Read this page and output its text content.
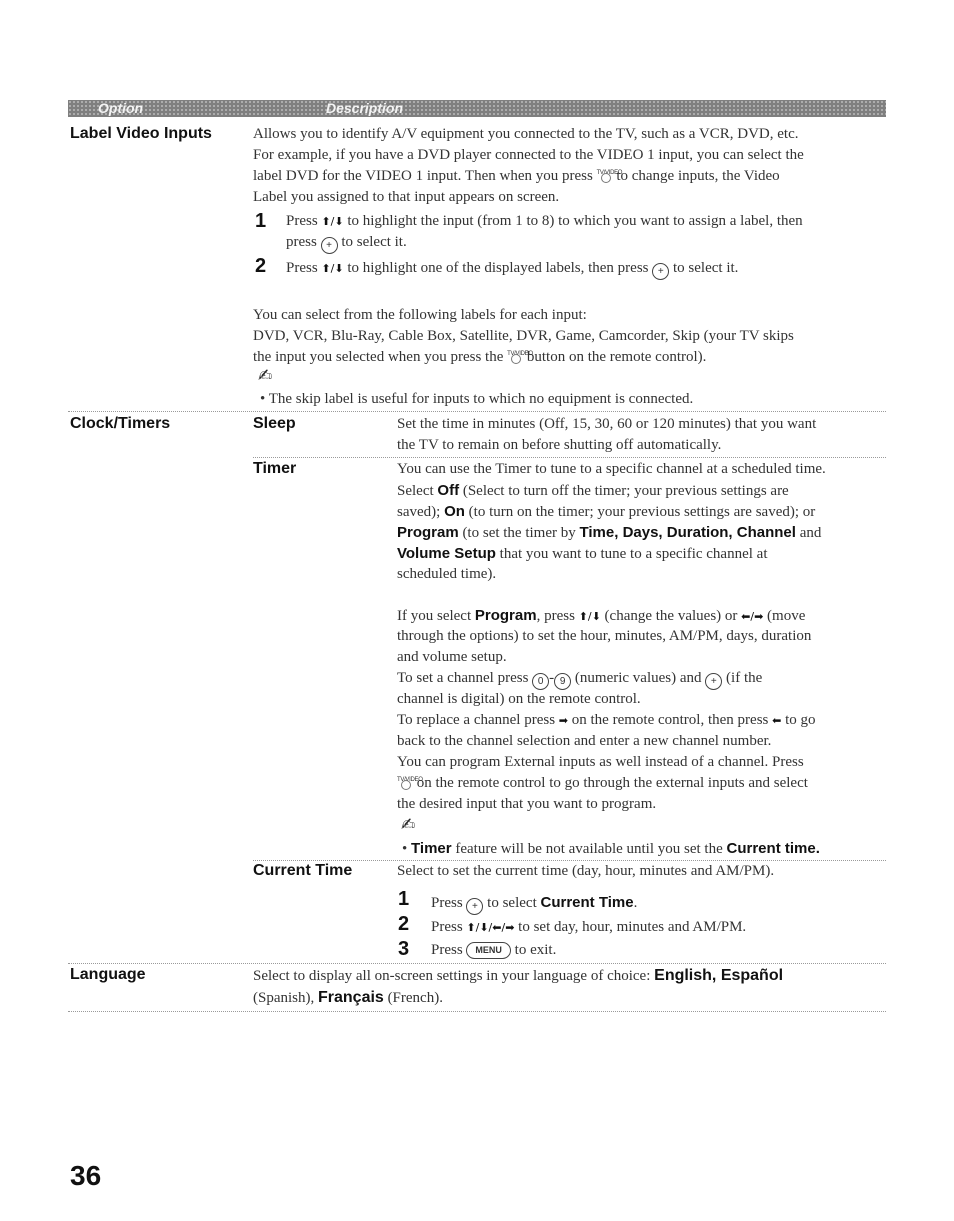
Option	Description
Label Video Inputs	Allows you to identify A/V equipment you connected to the TV, such as a VCR, DVD, etc.
For example, if you have a DVD player connected to the VIDEO 1 input, you can select the
label DVD for the VIDEO 1 input. Then when you press TV/VIDEO
to change inputs, the Video
Label you assigned to that input appears on screen.
1 Press ⬆/⬇ to highlight the input (from 1 to 8) to which you want to assign a label, then
press + to select it.
2 Press ⬆/⬇ to highlight one of the displayed labels, then press + to select it.
You can select from the following labels for each input:
DVD, VCR, Blu-Ray, Cable Box, Satellite, DVR, Game, Camcorder, Skip (your TV skips
the input you selected when you press the TV/VIDEO
button on the remote control).
✍
• The skip label is useful for inputs to which no equipment is connected.
Clock/Timers	Sleep	Set the time in minutes (Off, 15, 30, 60 or 120 minutes) that you want
the TV to remain on before shutting off automatically.
Timer	You can use the Timer to tune to a specific channel at a scheduled time.
Select Off (Select to turn off the timer; your previous settings are
saved); On (to turn on the timer; your previous settings are saved); or
Program (to set the timer by Time, Days, Duration, Channel and
Volume Setup that you want to tune to a specific channel at
scheduled time).
If you select Program, press ⬆/⬇ (change the values) or ⬅/➡ (move
through the options) to set the hour, minutes, AM/PM, days, duration
and volume setup.
To set a channel press 0 - 9 (numeric values) and + (if the
channel is digital) on the remote control.
To replace a channel press ➡ on the remote control, then press ⬅ to go
back to the channel selection and enter a new channel number.
You can program External inputs as well instead of a channel. Press
TV/VIDEO
on the remote control to go through the external inputs and select
the desired input that you want to program.
✍
• Timer feature will be not available until you set the Current time.
Current Time	Select to set the current time (day, hour, minutes and AM/PM).
1 Press + to select Current Time.
2 Press ⬆/⬇/⬅/➡ to set day, hour, minutes and AM/PM.
3 Press MENU to exit.
Language	Select to display all on-screen settings in your language of choice: English, Español
(Spanish), Français (French).
36
